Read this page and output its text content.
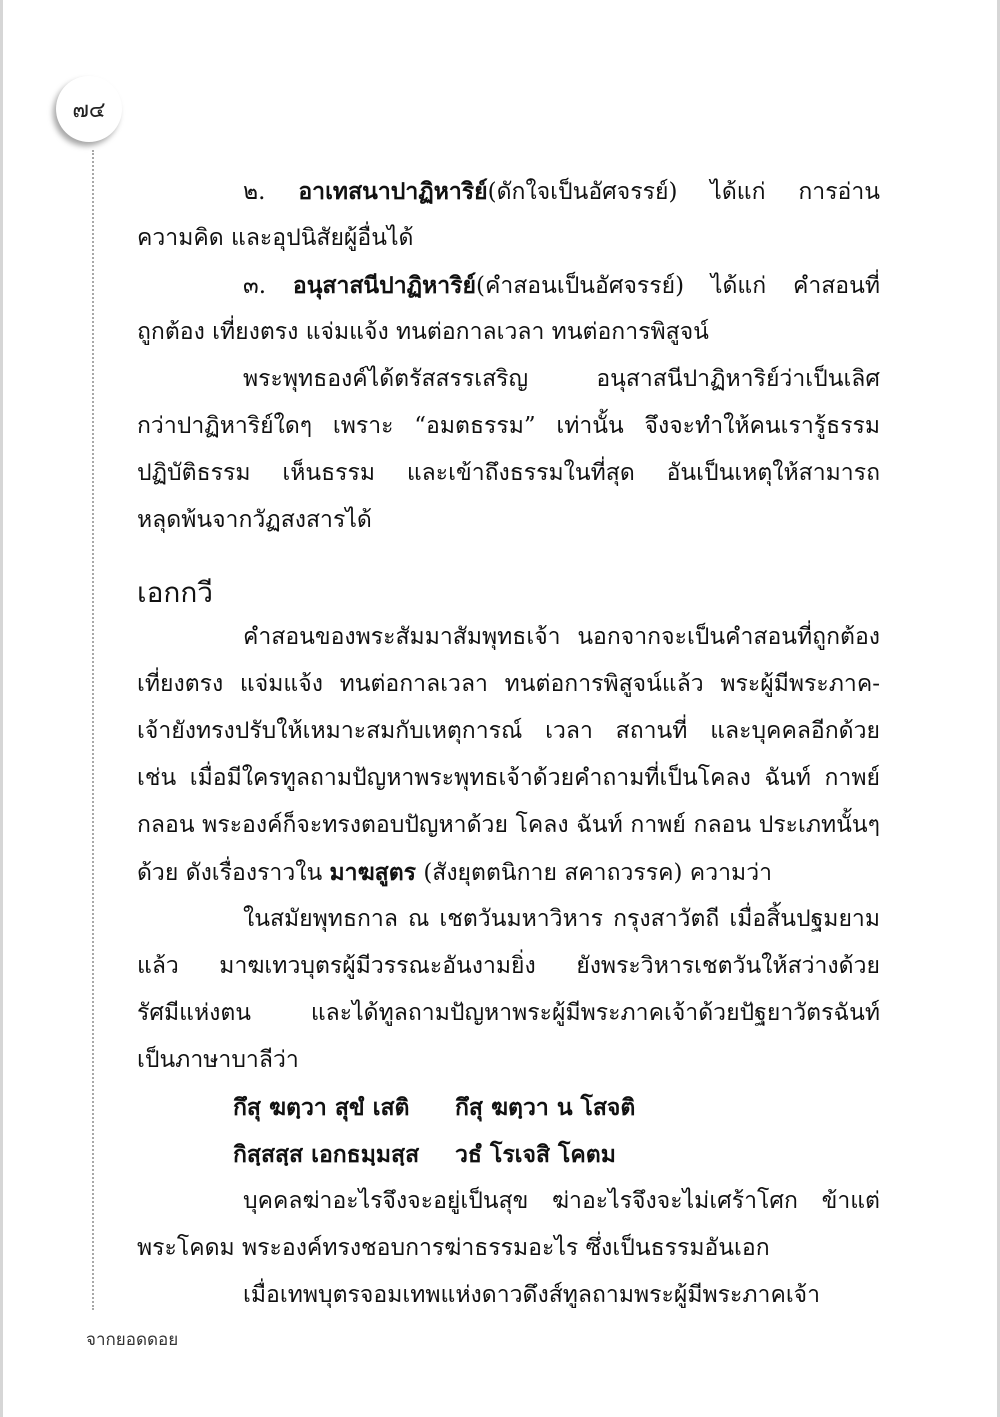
๗๔
๒. อาเทสนาปาฏิหาริย์(ดักใจเป็นอัศจรรย์) ได้แก่ การอ่าน
ความคิด และอุปนิสัยผู้อื่นได้
๓. อนุสาสนีปาฏิหาริย์(คำสอนเป็นอัศจรรย์) ได้แก่ คำสอนที่
ถูกต้อง เที่ยงตรง แจ่มแจ้ง ทนต่อกาลเวลา ทนต่อการพิสูจน์
พระพุทธองค์ได้ตรัสสรรเสริญ อนุสาสนีปาฏิหาริย์ว่าเป็นเลิศ
กว่าปาฏิหาริย์ใดๆ เพราะ “อมตธรรม” เท่านั้น จึงจะทำให้คนเรารู้ธรรม
ปฏิบัติธรรม เห็นธรรม และเข้าถึงธรรมในที่สุด อันเป็นเหตุให้สามารถ
หลุดพ้นจากวัฏสงสารได้
เอกกวี
คำสอนของพระสัมมาสัมพุทธเจ้า นอกจากจะเป็นคำสอนที่ถูกต้อง
เที่ยงตรง แจ่มแจ้ง ทนต่อกาลเวลา ทนต่อการพิสูจน์แล้ว พระผู้มีพระภาค-
เจ้ายังทรงปรับให้เหมาะสมกับเหตุการณ์ เวลา สถานที่ และบุคคลอีกด้วย
เช่น เมื่อมีใครทูลถามปัญหาพระพุทธเจ้าด้วยคำถามที่เป็นโคลง ฉันท์ กาพย์
กลอน พระองค์ก็จะทรงตอบปัญหาด้วย โคลง ฉันท์ กาพย์ กลอน ประเภทนั้นๆ
ด้วย ดังเรื่องราวใน มาฆสูตร (สังยุตตนิกาย สคาถวรรค) ความว่า
ในสมัยพุทธกาล ณ เชตวันมหาวิหาร กรุงสาวัตถี เมื่อสิ้นปฐมยาม
แล้ว มาฆเทวบุตรผู้มีวรรณะอันงามยิ่ง ยังพระวิหารเชตวันให้สว่างด้วย
รัศมีแห่งตน และได้ทูลถามปัญหาพระผู้มีพระภาคเจ้าด้วยปัฐยาวัตรฉันท์
เป็นภาษาบาลีว่า
กึสุ ฆตฺวา สุขํ เสติ กึสุ ฆตฺวา น โสจติ
กิสฺสสฺส เอกธมฺมสฺส วธํ โรเจสิ โคตม
บุคคลฆ่าอะไรจึงจะอยู่เป็นสุข ฆ่าอะไรจึงจะไม่เศร้าโศก ข้าแต่
พระโคดม พระองค์ทรงชอบการฆ่าธรรมอะไร ซึ่งเป็นธรรมอันเอก
เมื่อเทพบุตรจอมเทพแห่งดาวดึงส์ทูลถามพระผู้มีพระภาคเจ้า
จากยอดดอย
